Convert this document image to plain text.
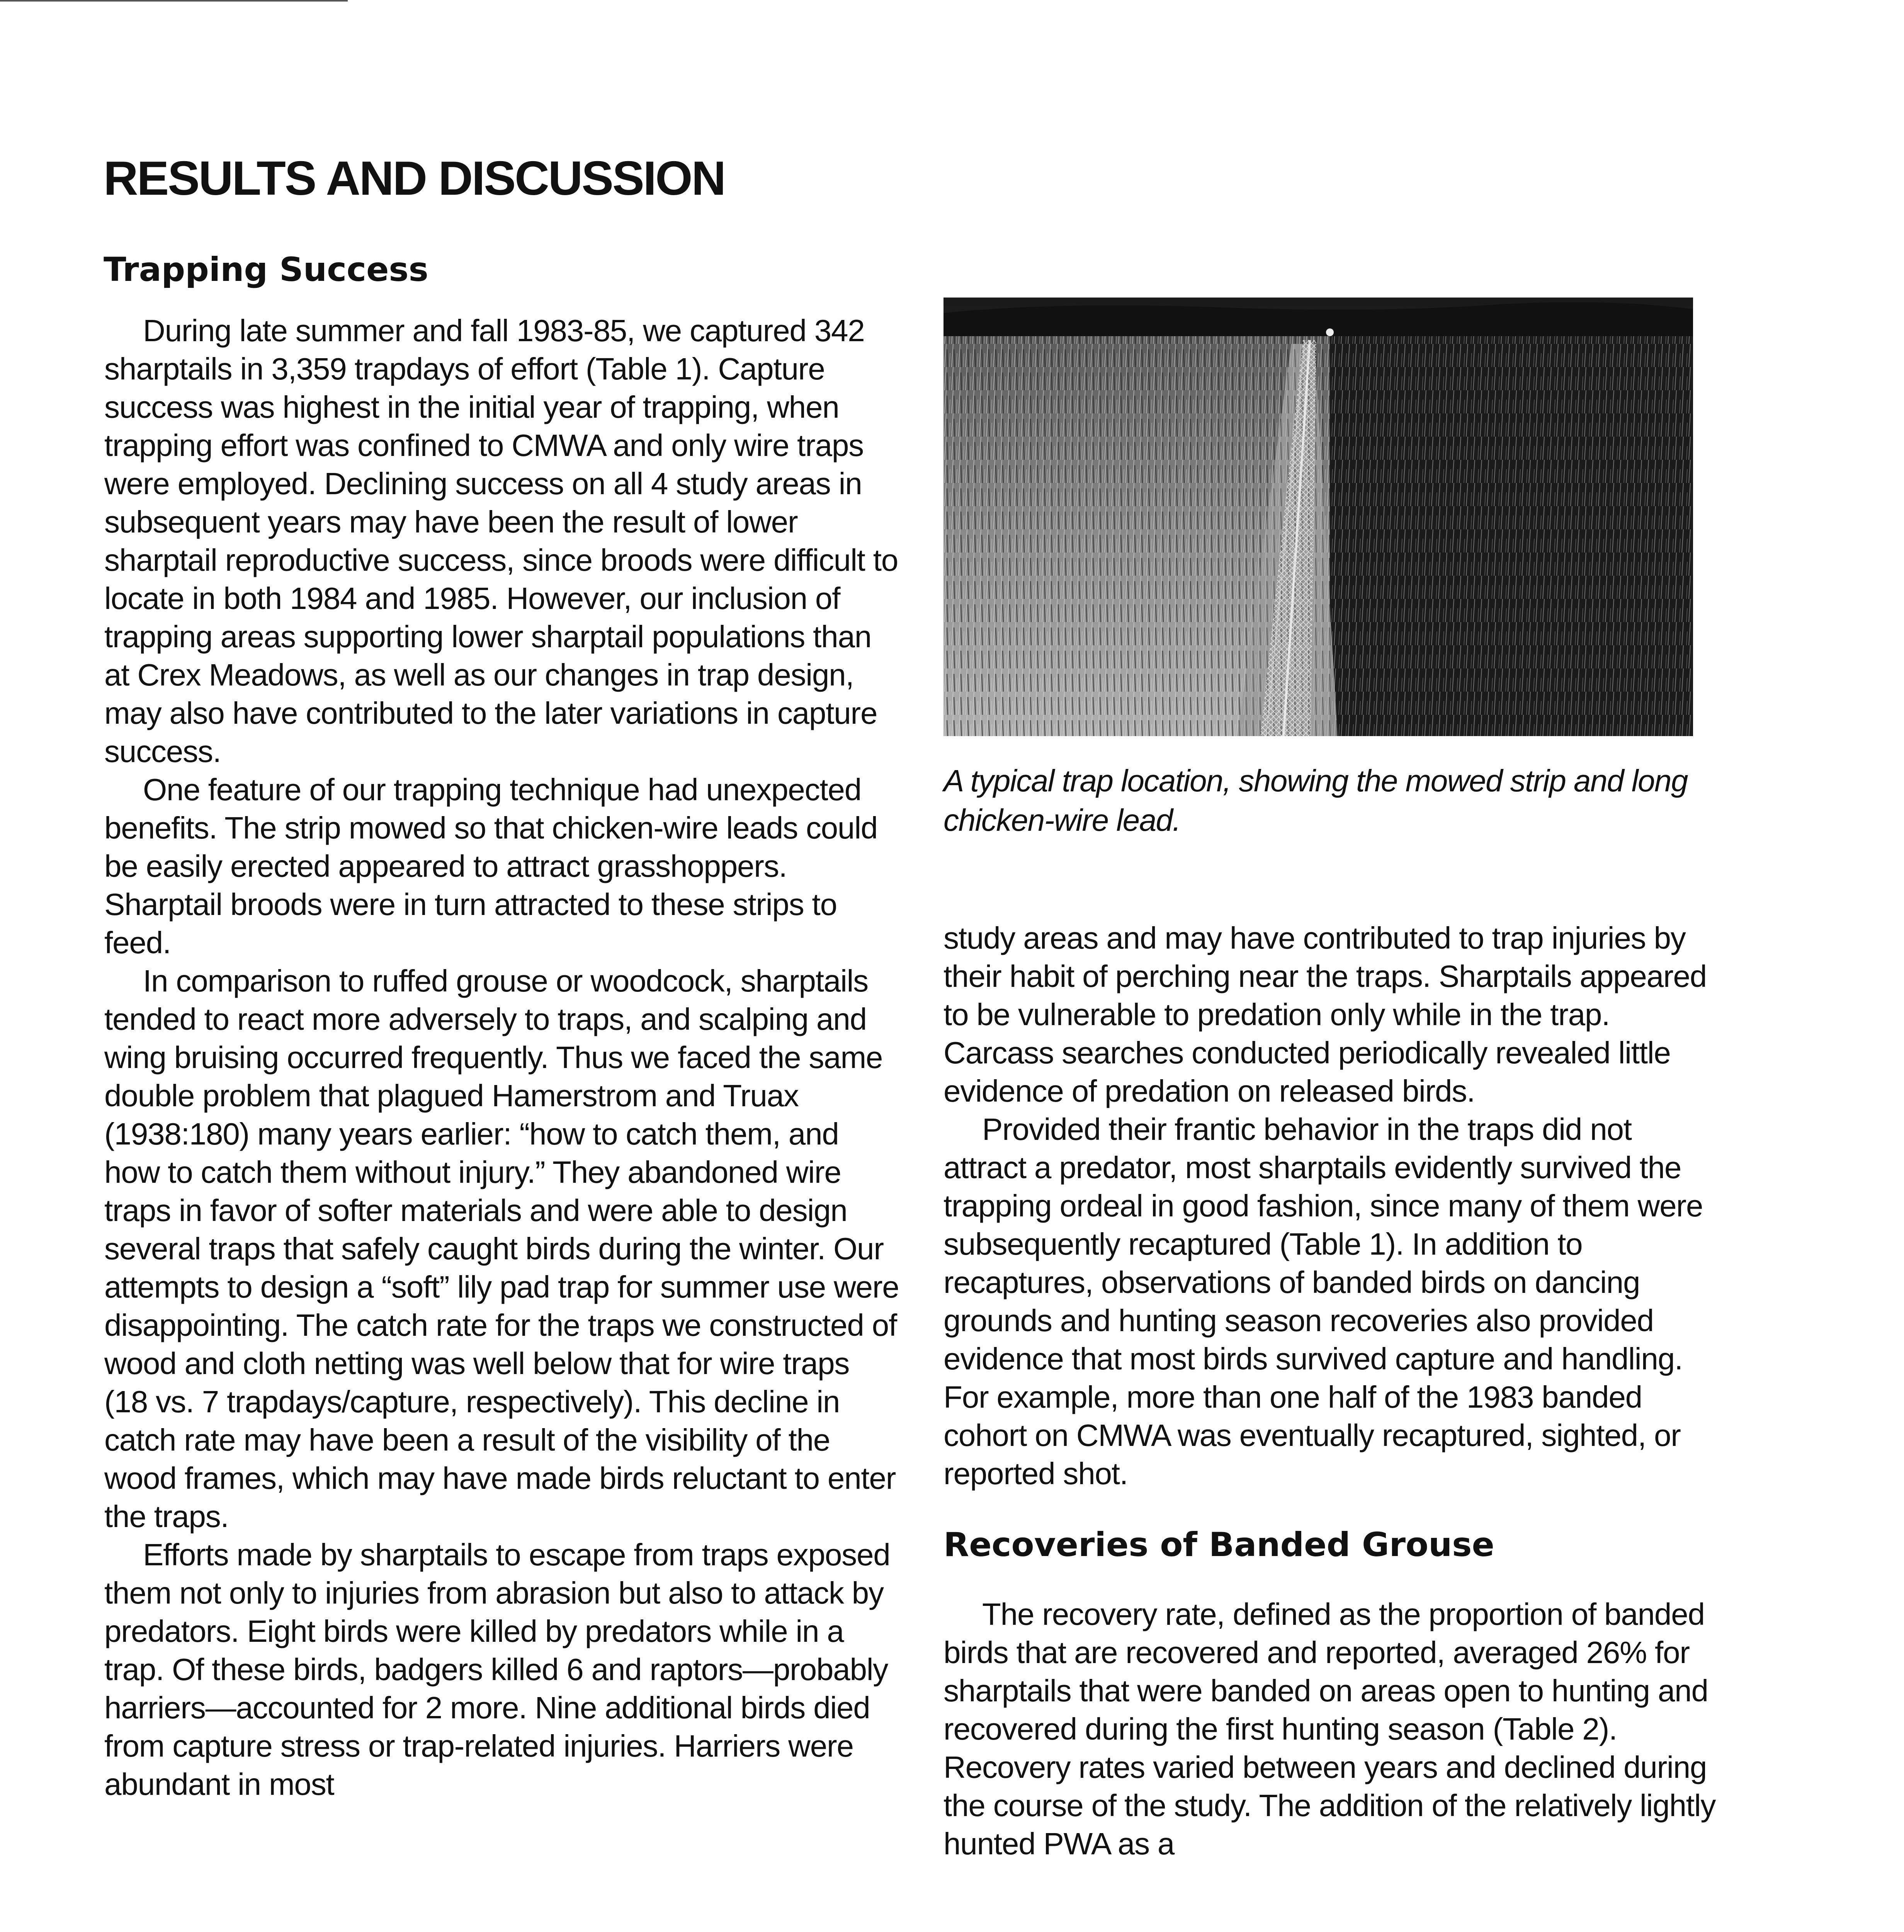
RESULTS AND DISCUSSION
Trapping Success

During late summer and fall 1983-85, we captured 342 sharptails in 3,359 trapdays of effort (Table 1). Capture success was highest in the initial year of trapping, when trapping effort was confined to CMWA and only wire traps were employed. Declining success on all 4 study areas in subsequent years may have been the result of lower sharptail reproductive success, since broods were difficult to locate in both 1984 and 1985. However, our inclusion of trapping areas supporting lower sharptail populations than at Crex Meadows, as well as our changes in trap design, may also have contributed to the later variations in capture success.

One feature of our trapping technique had unexpected benefits. The strip mowed so that chicken-wire leads could be easily erected appeared to attract grasshoppers. Sharptail broods were in turn attracted to these strips to feed.

In comparison to ruffed grouse or woodcock, sharptails tended to react more adversely to traps, and scalping and wing bruising occurred frequently. Thus we faced the same double problem that plagued Hamerstrom and Truax (1938:180) many years earlier: “how to catch them, and how to catch them without injury.” They abandoned wire traps in favor of softer materials and were able to design several traps that safely caught birds during the winter. Our attempts to design a “soft” lily pad trap for summer use were disappointing. The catch rate for the traps we constructed of wood and cloth netting was well below that for wire traps (18 vs. 7 trapdays/capture, respectively). This decline in catch rate may have been a result of the visibility of the wood frames, which may have made birds reluctant to enter the traps.

Efforts made by sharptails to escape from traps exposed them not only to injuries from abrasion but also to attack by predators. Eight birds were killed by predators while in a trap. Of these birds, badgers killed 6 and raptors—probably harriers—accounted for 2 more. Nine additional birds died from capture stress or trap-related injuries. Harriers were abundant in most

A typical trap location, showing the mowed strip and long chicken-wire lead.

study areas and may have contributed to trap injuries by their habit of perching near the traps. Sharptails appeared to be vulnerable to predation only while in the trap. Carcass searches conducted periodically revealed little evidence of predation on released birds.

Provided their frantic behavior in the traps did not attract a predator, most sharptails evidently survived the trapping ordeal in good fashion, since many of them were subsequently recaptured (Table 1). In addition to recaptures, observations of banded birds on dancing grounds and hunting season recoveries also provided evidence that most birds survived capture and handling. For example, more than one half of the 1983 banded cohort on CMWA was eventually recaptured, sighted, or reported shot.

Recoveries of Banded Grouse

The recovery rate, defined as the proportion of banded birds that are recovered and reported, averaged 26% for sharptails that were banded on areas open to hunting and recovered during the first hunting season (Table 2). Recovery rates varied between years and declined during the course of the study. The addition of the relatively lightly hunted PWA as a
